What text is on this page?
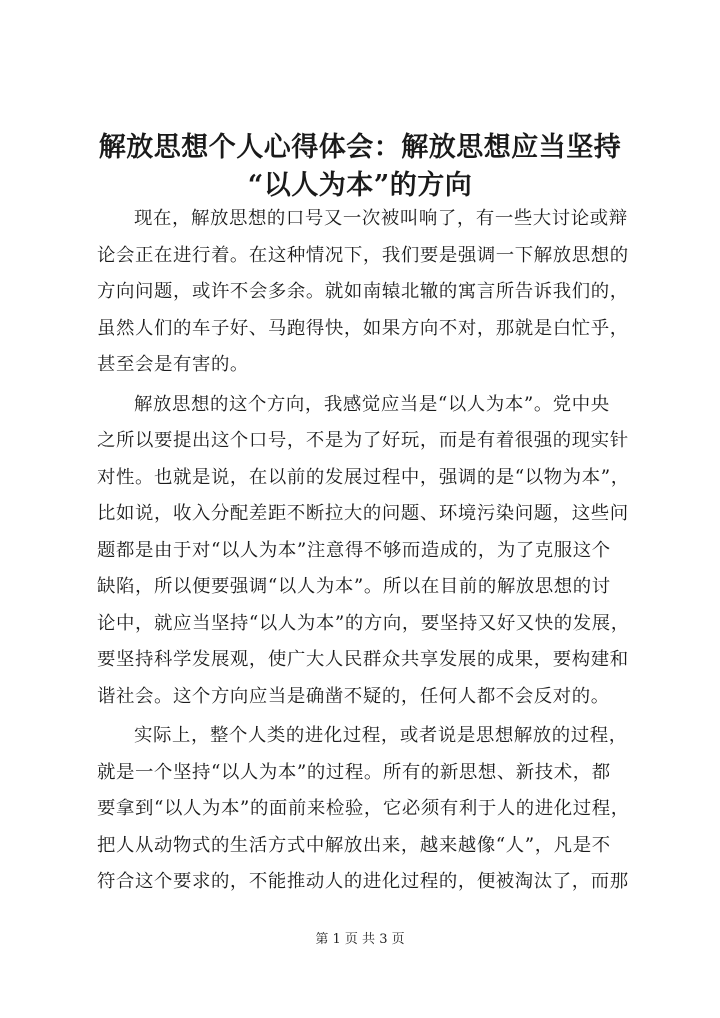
解放思想个人心得体会：解放思想应当坚持
“以人为本”的方向
现在，解放思想的口号又一次被叫响了，有一些大讨论或辩
论会正在进行着。在这种情况下，我们要是强调一下解放思想的
方向问题，或许不会多余。就如南辕北辙的寓言所告诉我们的，
虽然人们的车子好、马跑得快，如果方向不对，那就是白忙乎，
甚至会是有害的。
解放思想的这个方向，我感觉应当是“以人为本”。党中央
之所以要提出这个口号，不是为了好玩，而是有着很强的现实针
对性。也就是说，在以前的发展过程中，强调的是“以物为本”，
比如说，收入分配差距不断拉大的问题、环境污染问题，这些问
题都是由于对“以人为本”注意得不够而造成的，为了克服这个
缺陷，所以便要强调“以人为本”。所以在目前的解放思想的讨
论中，就应当坚持“以人为本”的方向，要坚持又好又快的发展，
要坚持科学发展观，使广大人民群众共享发展的成果，要构建和
谐社会。这个方向应当是确凿不疑的，任何人都不会反对的。
实际上，整个人类的进化过程，或者说是思想解放的过程，
就是一个坚持“以人为本”的过程。所有的新思想、新技术，都
要拿到“以人为本”的面前来检验，它必须有利于人的进化过程，
把人从动物式的生活方式中解放出来，越来越像“人”，凡是不
符合这个要求的，不能推动人的进化过程的，便被淘汰了，而那
第 1 页 共 3 页
